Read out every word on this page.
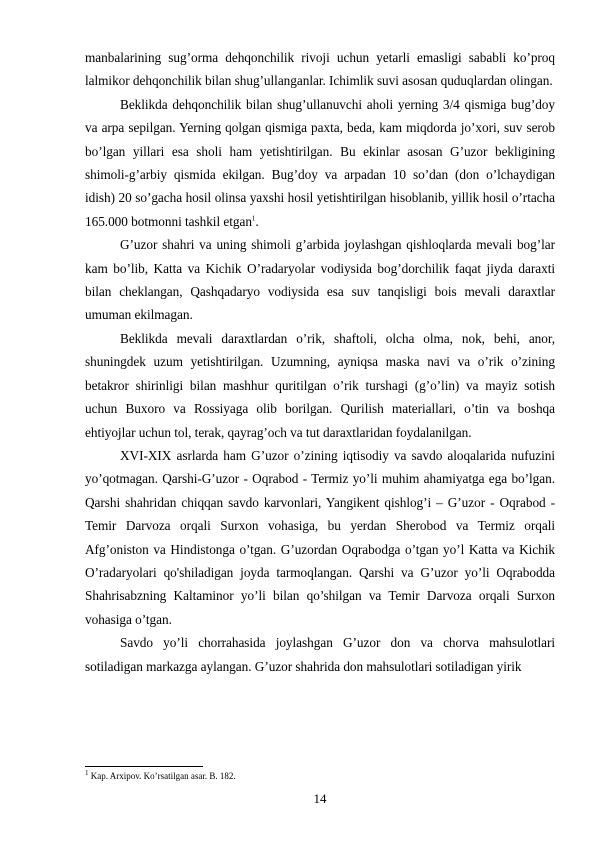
manbalarining sug’orma dehqonchilik rivoji uchun yetarli emasligi sababli ko’proq lalmikor dehqonchilik bilan shug’ullanganlar. Ichimlik suvi asosan quduqlardan olingan.

Beklikda dehqonchilik bilan shug’ullanuvchi aholi yerning 3/4 qismiga bug’doy va arpa sepilgan. Yerning qolgan qismiga paxta, beda, kam miqdorda jo’xori, suv serob bo’lgan yillari esa sholi ham yetishtirilgan. Bu ekinlar asosan G’uzor bekligining shimoli-g’arbiy qismida ekilgan. Bug’doy va arpadan 10 so’dan (don o’lchaydigan idish) 20 so’gacha hosil olinsa yaxshi hosil yetishtirilgan hisoblanib, yillik hosil o’rtacha 165.000 botmonni tashkil etgan$^1$.

G’uzor shahri va uning shimoli g’arbida joylashgan qishloqlarda mevali bog’lar kam bo’lib, Katta va Kichik O’radaryolar vodiysida bog’dorchilik faqat jiyda daraxti bilan cheklangan, Qashqadaryo vodiysida esa suv tanqisligi bois mevali daraxtlar umuman ekilmagan.

Beklikda mevali daraxtlardan o’rik, shaftoli, olcha olma, nok, behi, anor, shuningdek uzum yetishtirilgan. Uzumning, ayniqsa maska navi va o’rik o’zining betakror shirinligi bilan mashhur quritilgan o’rik turshagi (g’o’lin) va mayiz sotish uchun Buxoro va Rossiyaga olib borilgan. Qurilish materiallari, o’tin va boshqa ehtiyojlar uchun tol, terak, qayrag’och va tut daraxtlaridan foydalanilgan.

XVI-XIX asrlarda ham G’uzor o’zining iqtisodiy va savdo aloqalarida nufuzini yo’qotmagan. Qarshi-G’uzor - Oqrabod - Termiz yo’li muhim ahamiyatga ega bo’lgan. Qarshi shahridan chiqqan savdo karvonlari, Yangikent qishlog’i – G’uzor - Oqrabod - Temir Darvoza orqali Surxon vohasiga, bu yerdan Sherobod va Termiz orqali Afg’oniston va Hindistonga o’tgan. G’uzordan Oqrabodga o’tgan yo’l Katta va Kichik O’radaryolari qo'shiladigan joyda tarmoqlangan. Qarshi va G’uzor yo’li Oqrabodda Shahrisabzning Kaltaminor yo’li bilan qo’shilgan va Temir Darvoza orqali Surxon vohasiga o’tgan.

Savdo yo’li chorrahasida joylashgan G’uzor don va chorva mahsulotlari sotiladigan markazga aylangan. G’uzor shahrida don mahsulotlari sotiladigan yirik

$^1$ Kap. Arxipov. Ko’rsatilgan asar. B. 182.
14
